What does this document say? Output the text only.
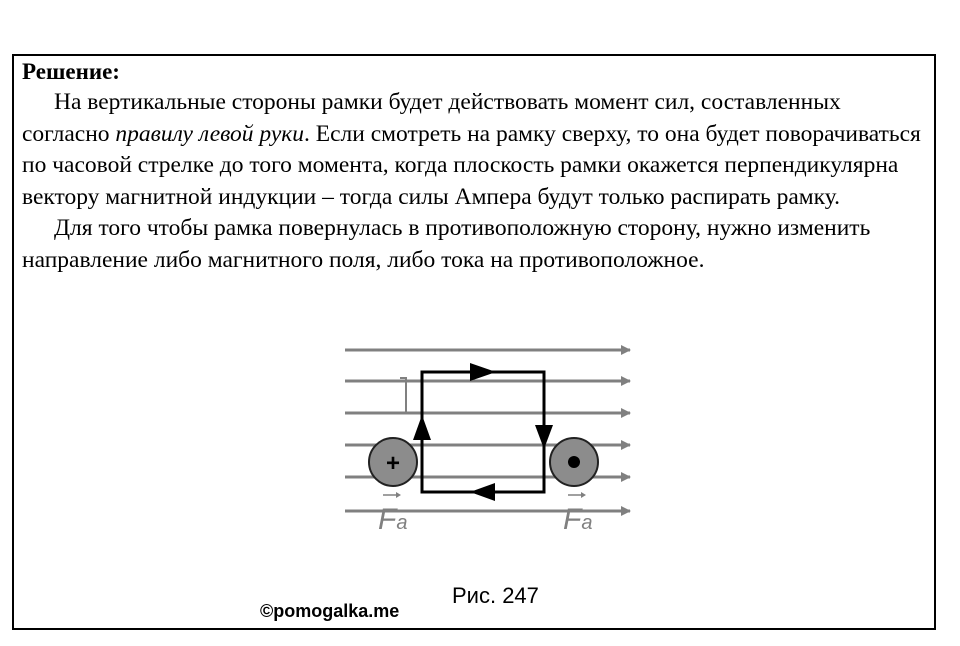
Решение:

На вертикальные стороны рамки будет действовать момент сил, составленных согласно правилу левой руки. Если смотреть на рамку сверху, то она будет поворачиваться по часовой стрелке до того момента, когда плоскость рамки окажется перпендикулярна вектору магнитной индукции – тогда силы Ампера будут только распирать рамку.

Для того чтобы рамка повернулась в противоположную сторону, нужно изменить направление либо магнитного поля, либо тока на противоположное.

+
Fa	Fa
Рис. 247
©pomogalka.me
